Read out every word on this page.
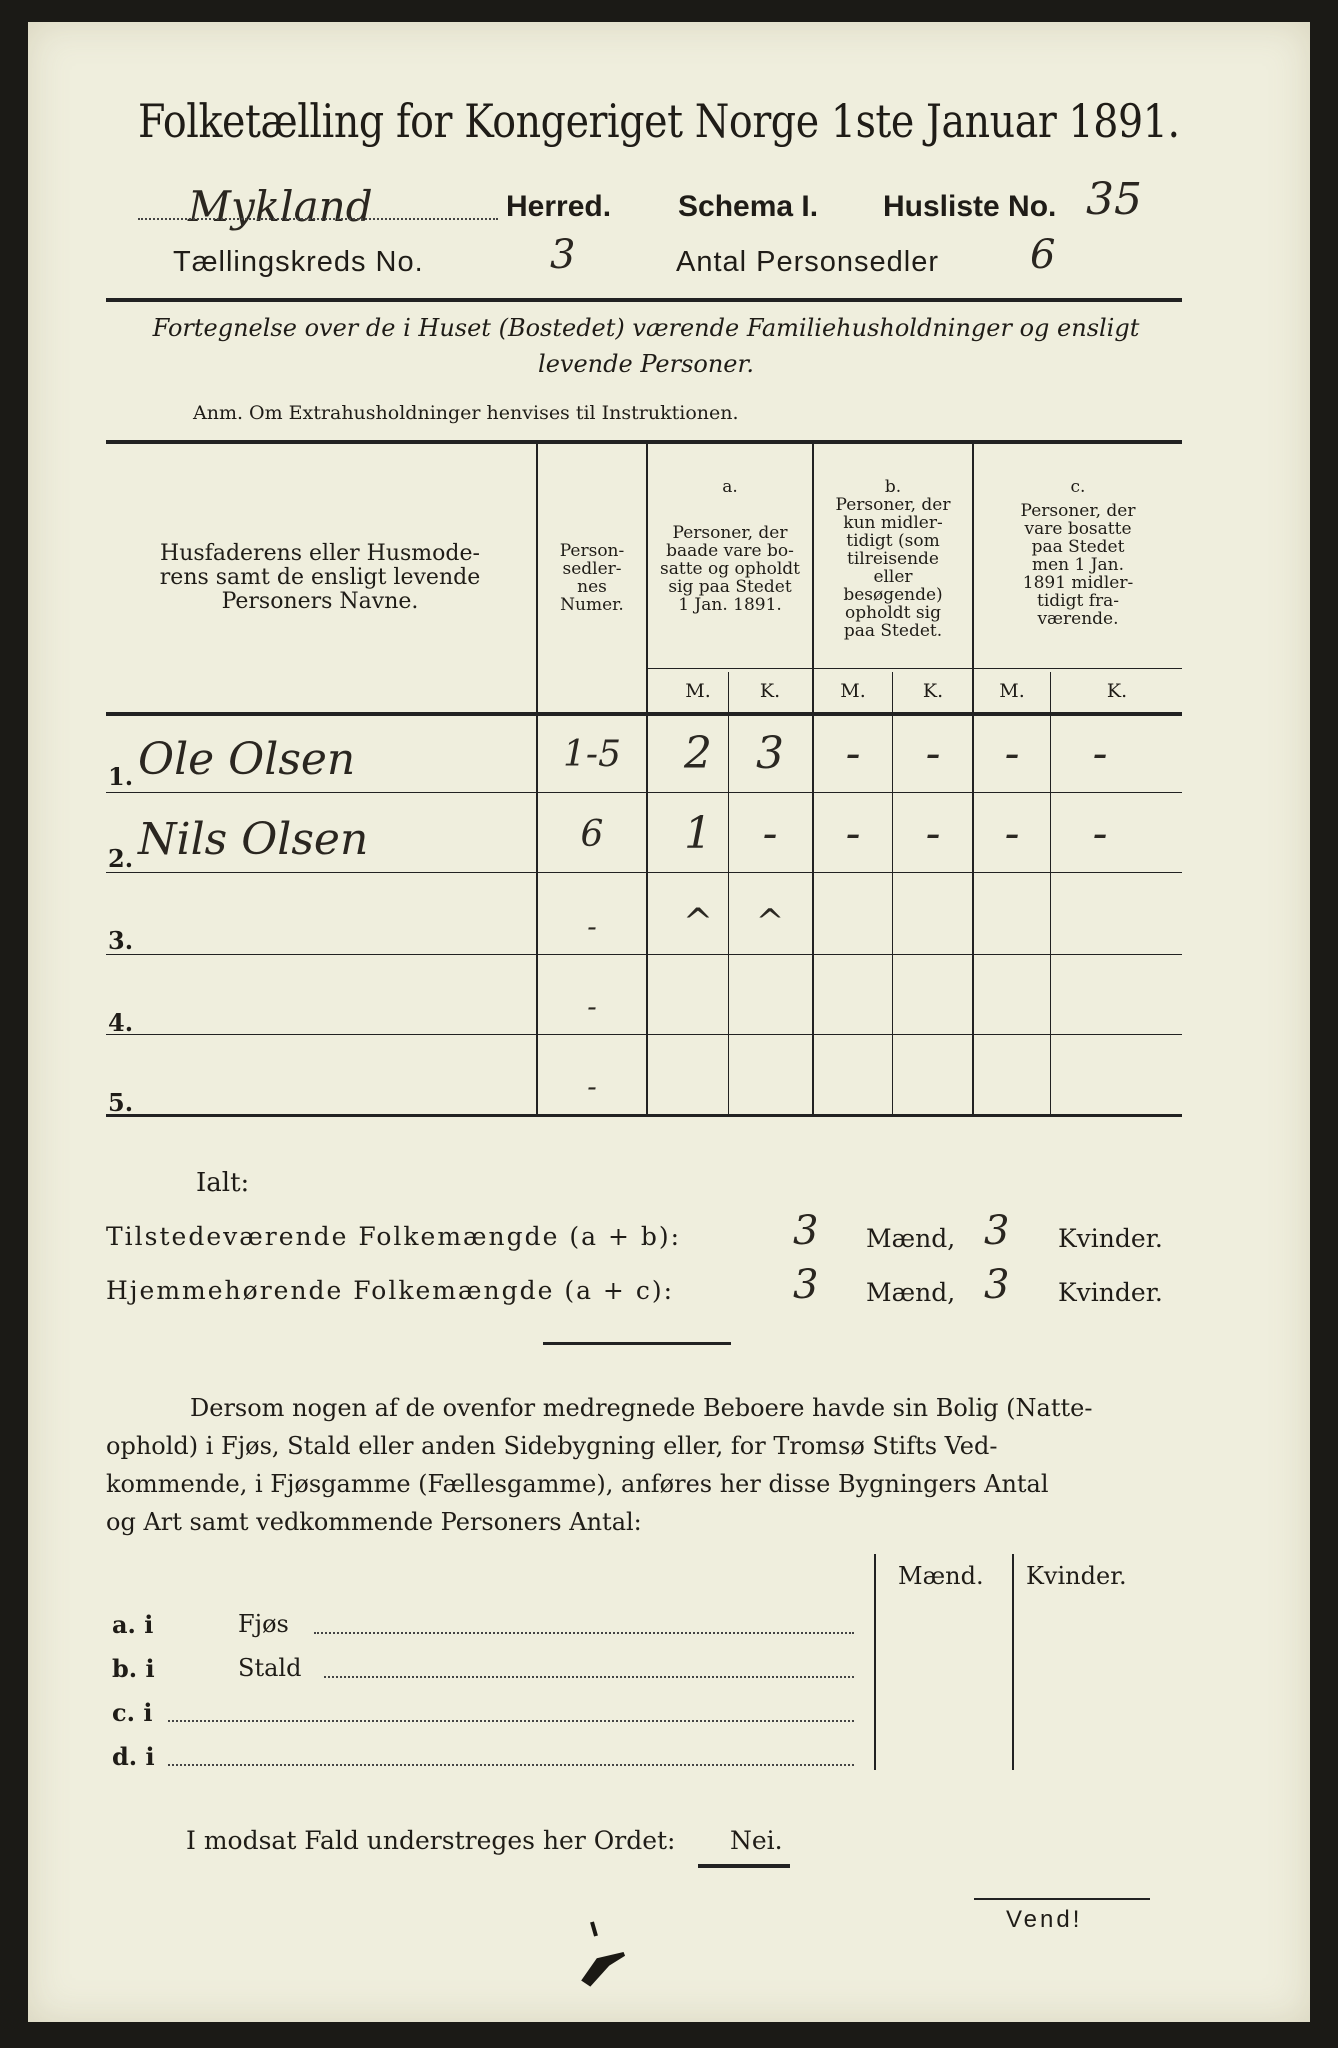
Folketælling for Kongeriget Norge 1ste Januar 1891.
Mykland	Herred. Schema I. Husliste No. 35
Tællingskreds No.	3	Antal Personsedler 6
Fortegnelse over de i Huset (Bostedet) værende Familiehusholdninger og ensligt
levende Personer.
Anm. Om Extrahusholdninger henvises til Instruktionen.
Husfaderens eller Husmode-
rens samt de ensligt levende
Personers Navne.
Person-
sedler-
nes
Numer.
a.
Personer, der
baade vare bo-
satte og opholdt
sig paa Stedet
1 Jan. 1891.
b.
Personer, der
kun midler-
tidigt (som
tilreisende
eller
besøgende)
opholdt sig
paa Stedet.
c.
Personer, der
vare bosatte
paa Stedet
men 1 Jan.
1891 midler-
tidigt fra-
værende.
M.	K.	M.	K.	M.	K.
1. Ole Olsen	1-5	2	3	-	-	-	-
2. Nils Olsen	6	1	-	-	-	-	-
3.	-	^	^
4.	-
5.	-
Ialt:
Tilstedeværende Folkemængde (a + b):	3 Mænd, 3 Kvinder.
Hjemmehørende Folkemængde (a + c):	3 Mænd, 3 Kvinder.
Dersom nogen af de ovenfor medregnede Beboere havde sin Bolig (Natte-
ophold) i Fjøs, Stald eller anden Sidebygning eller, for Tromsø Stifts Ved-
kommende, i Fjøsgamme (Fællesgamme), anføres her disse Bygningers Antal
og Art samt vedkommende Personers Antal:
Mænd. Kvinder.
a. i	Fjøs
b. i	Stald
c. i
d. i
I modsat Fald understreges her Ordet: Nei.
Vend!
